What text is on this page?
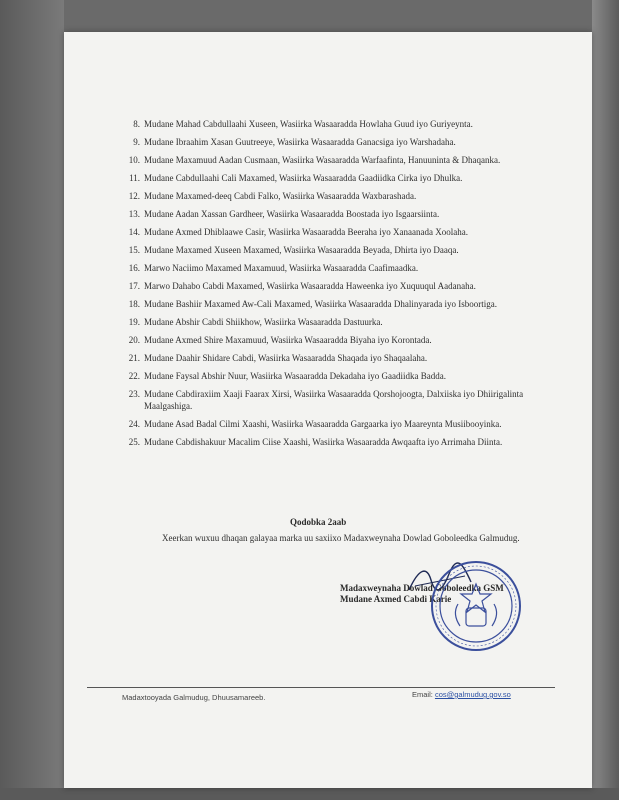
8. Mudane Mahad Cabdullaahi Xuseen, Wasiirka Wasaaradda Howlaha Guud iyo Guriyeynta.
9. Mudane Ibraahim Xasan Guutreeye, Wasiirka Wasaaradda Ganacsiga iyo Warshadaha.
10. Mudane Maxamuud Aadan Cusmaan, Wasiirka Wasaaradda Warfaafinta, Hanuuninta & Dhaqanka.
11. Mudane Cabdullaahi Cali Maxamed, Wasiirka Wasaaradda Gaadiidka Cirka iyo Dhulka.
12. Mudane Maxamed-deeq Cabdi Falko, Wasiirka Wasaaradda Waxbarashada.
13. Mudane Aadan Xassan Gardheer, Wasiirka Wasaaradda Boostada iyo Isgaarsiinta.
14. Mudane Axmed Dhiblaawe Casir, Wasiirka Wasaaradda Beeraha iyo Xanaanada Xoolaha.
15. Mudane Maxamed Xuseen Maxamed, Wasiirka Wasaaradda Beyada, Dhirta iyo Daaqa.
16. Marwo Naciimo Maxamed Maxamuud, Wasiirka Wasaaradda Caafimaadka.
17. Marwo Dahabo Cabdi Maxamed, Wasiirka Wasaaradda Haweenka iyo Xuquuqul Aadanaha.
18. Mudane Bashiir Maxamed Aw-Cali Maxamed, Wasiirka Wasaaradda Dhalinyarada iyo Isboortiga.
19. Mudane Abshir Cabdi Shiikhow, Wasiirka Wasaaradda Dastuurka.
20. Mudane Axmed Shire Maxamuud, Wasiirka Wasaaradda Biyaha iyo Korontada.
21. Mudane Daahir Shidare Cabdi, Wasiirka Wasaaradda Shaqada iyo Shaqaalaha.
22. Mudane Faysal Abshir Nuur, Wasiirka Wasaaradda Dekadaha iyo Gaadiidka Badda.
23. Mudane Cabdiraxiim Xaaji Faarax Xirsi, Wasiirka Wasaaradda Qorshojoogta, Dalxiiska iyo Dhiirigalinta Maalgashiga.
24. Mudane Asad Badal Cilmi Xaashi, Wasiirka Wasaaradda Gargaarka iyo Maareynta Musiibooyinka.
25. Mudane Cabdishakuur Macalim Ciise Xaashi, Wasiirka Wasaaradda Awqaafta iyo Arrimaha Diinta.
Qodobka 2aab
Xeerkan wuxuu dhaqan galayaa marka uu saxiixo Madaxweynaha Dowlad Goboleedka Galmudug.
Madaxweynaha Dowlad Goboleedka GSM
Mudane Axmed Cabdi Karie
Madaxtooyada Galmudug, Dhuusamareeb.	Email: cos@galmudug.gov.so
